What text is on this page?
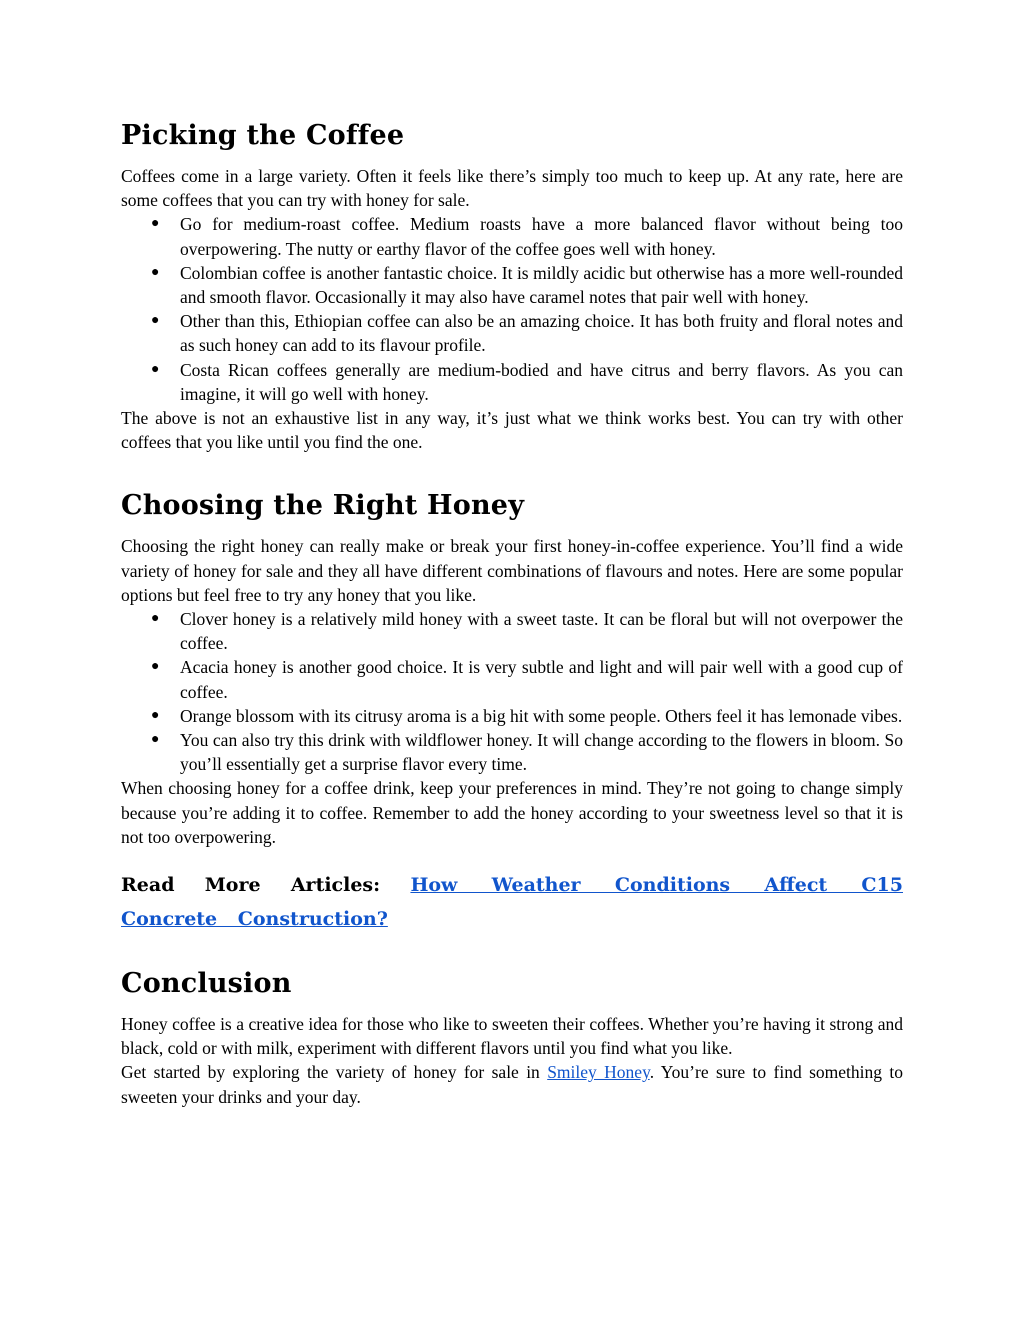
Picking the Coffee

Coffees come in a large variety. Often it feels like there’s simply too much to keep up. At any rate, here are some coffees that you can try with honey for sale.

● Go for medium-roast coffee. Medium roasts have a more balanced flavor without being too overpowering. The nutty or earthy flavor of the coffee goes well with honey.
● Colombian coffee is another fantastic choice. It is mildly acidic but otherwise has a more well-rounded and smooth flavor. Occasionally it may also have caramel notes that pair well with honey.
● Other than this, Ethiopian coffee can also be an amazing choice. It has both fruity and floral notes and as such honey can add to its flavour profile.
● Costa Rican coffees generally are medium-bodied and have citrus and berry flavors. As you can imagine, it will go well with honey.

The above is not an exhaustive list in any way, it’s just what we think works best. You can try with other coffees that you like until you find the one.

Choosing the Right Honey

Choosing the right honey can really make or break your first honey-in-coffee experience. You’ll find a wide variety of honey for sale and they all have different combinations of flavours and notes. Here are some popular options but feel free to try any honey that you like.

● Clover honey is a relatively mild honey with a sweet taste. It can be floral but will not overpower the coffee.
● Acacia honey is another good choice. It is very subtle and light and will pair well with a good cup of coffee.
● Orange blossom with its citrusy aroma is a big hit with some people. Others feel it has lemonade vibes.
● You can also try this drink with wildflower honey. It will change according to the flowers in bloom. So you’ll essentially get a surprise flavor every time.

When choosing honey for a coffee drink, keep your preferences in mind. They’re not going to change simply because you’re adding it to coffee. Remember to add the honey according to your sweetness level so that it is not too overpowering.

Read More Articles: How Weather Conditions Affect C15 Concrete Construction?
Conclusion

Honey coffee is a creative idea for those who like to sweeten their coffees. Whether you’re having it strong and black, cold or with milk, experiment with different flavors until you find what you like.

Get started by exploring the variety of honey for sale in Smiley Honey. You’re sure to find something to sweeten your drinks and your day.
